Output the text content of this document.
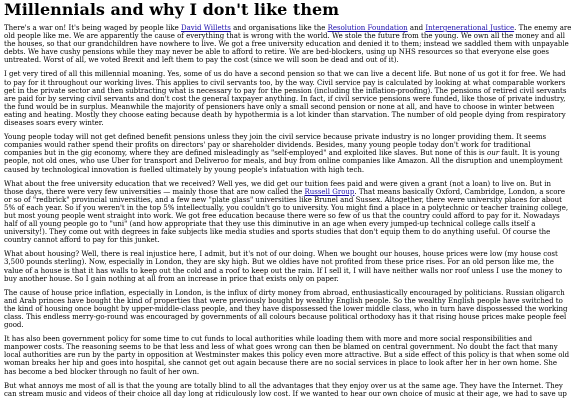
Millennials and why I don't like them
There's a war on! It's being waged by people like David Willetts and organisations like the Resolution Foundation and Intergenerational Justice. The enemy are
old people like me. We are apparently the cause of everything that is wrong with the world. We stole the future from the young. We own all the money and all
the houses, so that our grandchildren have nowhere to live. We got a free university education and denied it to them; instead we saddled them with unpayable
debts. We have cushy pensions while they may never be able to afford to retire. We are bed-blockers, using up NHS resources so that everyone else goes
untreated. Worst of all, we voted Brexit and left them to pay the cost (since we will soon be dead and out of it).
I get very tired of all this millennial moaning. Yes, some of us do have a second pension so that we can live a decent life. But none of us got it for free. We had
to pay for it throughout our working lives. This applies to civil servants too, by the way. Civil service pay is calculated by looking at what comparable workers
get in the private sector and then subtracting what is necessary to pay for the pension (including the inflation-proofing). The pensions of retired civil servants
are paid for by serving civil servants and don't cost the general taxpayer anything. In fact, if civil service pensions were funded, like those of private industry,
the fund would be in surplus. Meanwhile the majority of pensioners have only a small second pension or none at all, and have to choose in winter between
eating and heating. Mostly they choose eating because death by hypothermia is a lot kinder than starvation. The number of old people dying from respiratory
diseases soars every winter.
Young people today will not get defined benefit pensions unless they join the civil service because private industry is no longer providing them. It seems
companies would rather spend their profits on directors' pay or shareholder dividends. Besides, many young people today don't work for traditional
companies but in the gig economy, where they are defined misleadingly as "self-employed" and exploited like slaves. But none of this is our fault. It is young
people, not old ones, who use Uber for transport and Deliveroo for meals, and buy from online companies like Amazon. All the disruption and unemployment
caused by technological innovation is fuelled ultimately by young people's infatuation with high tech.
What about the free university education that we received? Well yes, we did get our tuition fees paid and were given a grant (not a loan) to live on. But in
those days, there were very few universities — mainly those that are now called the Russell Group. That means basically Oxford, Cambridge, London, a score
or so of "redbrick" provincial universities, and a few new "plate glass" universities like Brunel and Sussex. Altogether, there were university places for about
5% of each year. So if you weren't in the top 5% intellectually, you couldn't go to university. You might find a place in a polytechnic or teacher training college,
but most young people went straight into work. We got free education because there were so few of us that the country could afford to pay for it. Nowadays
half of all young people go to "uni" (and how appropriate that they use this diminutive in an age when every jumped-up technical college calls itself a
university!). They come out with degrees in fake subjects like media studies and sports studies that don't equip them to do anything useful. Of course the
country cannot afford to pay for this junket.
What about housing? Well, there is real injustice here, I admit, but it's not of our doing. When we bought our houses, house prices were low (my house cost
3,500 pounds sterling). Now, especially in London, they are sky high. But we oldies have not profited from these price rises. For an old person like me, the
value of a house is that it has walls to keep out the cold and a roof to keep out the rain. If I sell it, I will have neither walls nor roof unless I use the money to
buy another house. So I gain nothing at all from an increase in price that exists only on paper.
The cause of house price inflation, especially in London, is the influx of dirty money from abroad, enthusiastically encouraged by politicians. Russian oligarch
and Arab princes have bought the kind of properties that were previously bought by wealthy English people. So the wealthy English people have switched to
the kind of housing once bought by upper-middle-class people, and they have dispossessed the lower middle class, who in turn have dispossessed the working
class. This endless merry-go-round was encouraged by governments of all colours because political orthodoxy has it that rising house prices make people feel
good.
It has also been government policy for some time to cut funds to local authorities while loading them with more and more social responsibilities and
manpower costs. The reasoning seems to be that less and less of what goes wrong can then be blamed on central government. No doubt the fact that many
local authorities are run by the party in opposition at Westminster makes this policy even more attractive. But a side effect of this policy is that when some old
woman breaks her hip and goes into hospital, she cannot get out again because there are no social services in place to look after her in her own home. She
has become a bed blocker through no fault of her own.
But what annoys me most of all is that the young are totally blind to all the advantages that they enjoy over us at the same age. They have the Internet. They
can stream music and videos of their choice all day long at ridiculously low cost. If we wanted to hear our own choice of music at their age, we had to save up
